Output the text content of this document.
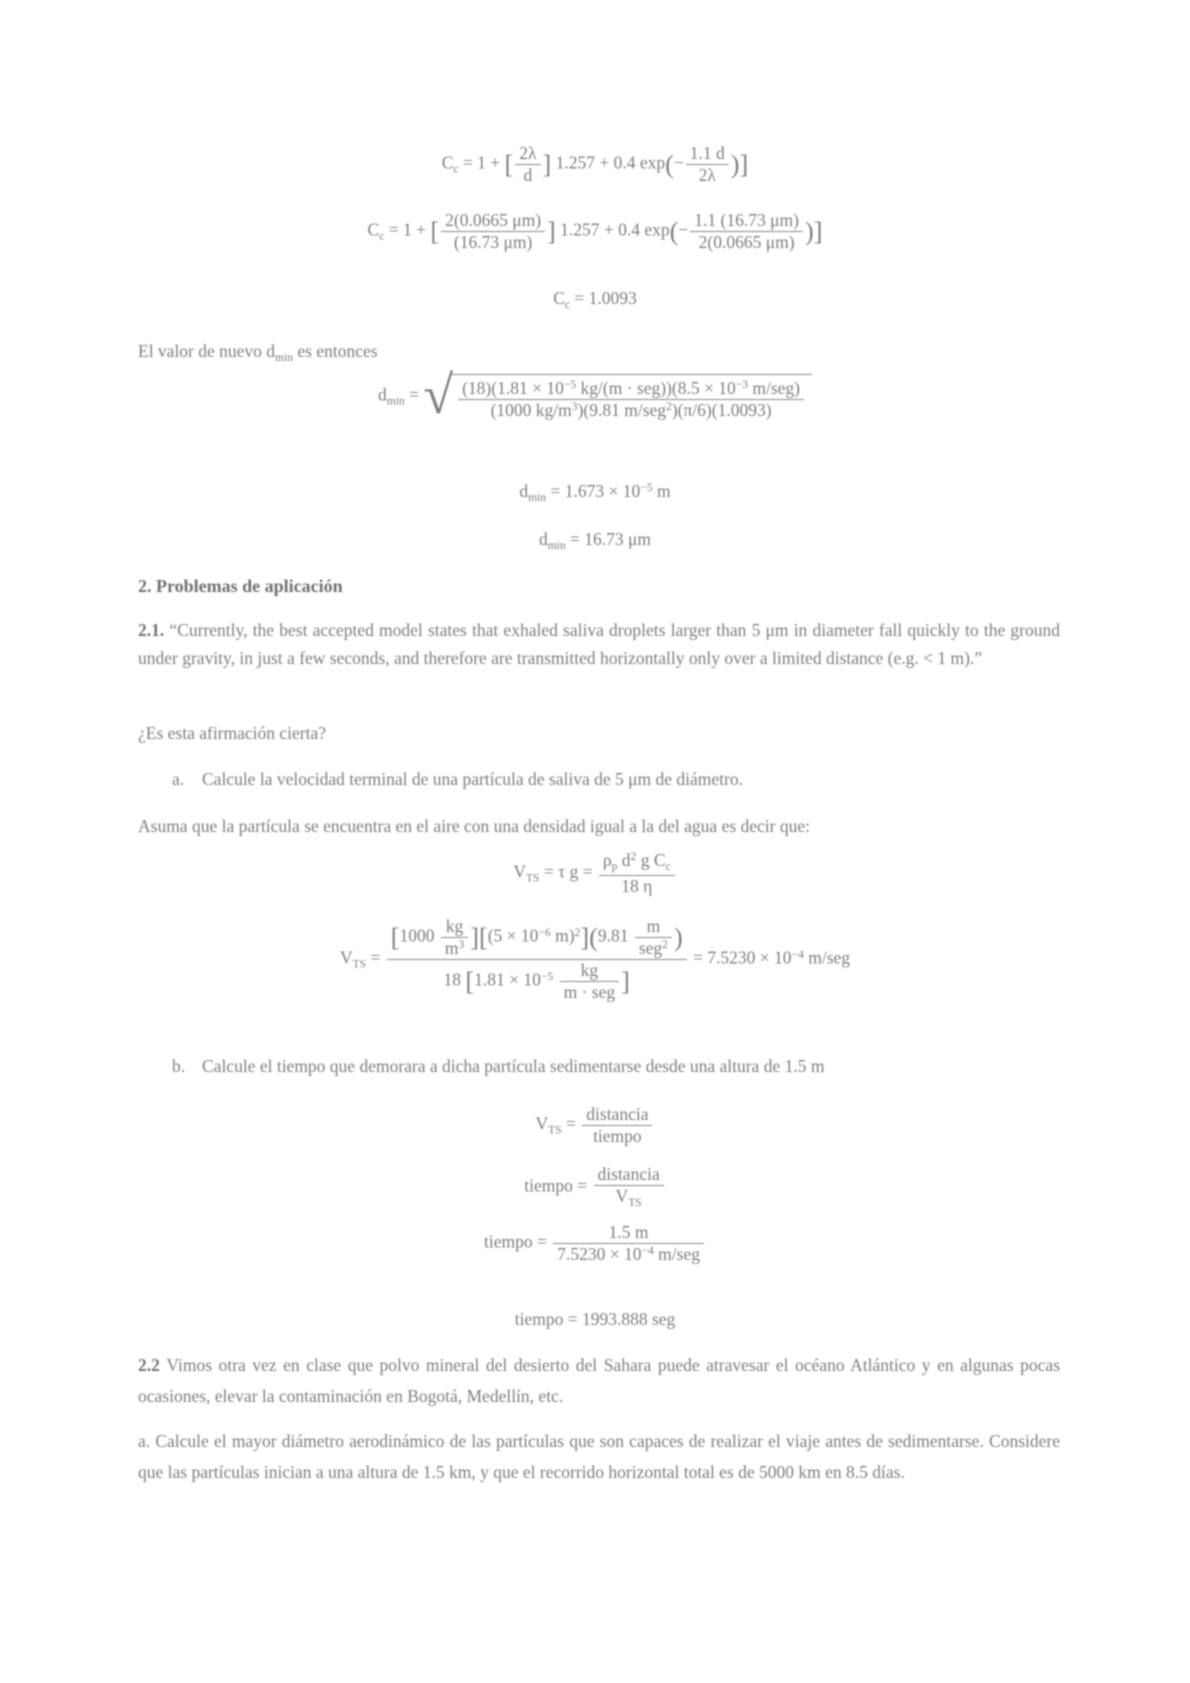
$C_c = 1$ + [ $\frac{2\lambda}{d}$ ] 1.257 + 0.4 $\exp(- \frac{1.1 d}{2\lambda}$ )]
$C_c = 1$ + [ $\frac{2(0.0665 \mu m)}{(16.73 \mu m)}$ ] 1.257 + 0.4 $\exp(- \frac{1.1 (16.73 \mu m)}{2(0.0665 \mu m)}$ )]
$C_c = 1.0093$
El valor de nuevo $d_{min}$ es entonces
$d_{min}$ = √ $(18)(1.81 \times 10^{-5}$ $kg/(m \cdot seg))(8.5 \times 10^{-3}$ m/seg)
(1000 $kg/m^3)(9.81$ m/seg$^2$)(π/6)(1.0093)
$d_{min} = 1.673 \times 10^{-5}$ m
$d_{min} = 16.73$ μm
2. Problemas de aplicación
2.1. “Currently, the best accepted model states that exhaled saliva droplets larger than 5 μm in diameter fall quickly to the ground under gravity, in just a few seconds, and therefore are transmitted horizontally only over a limited distance (e.g. < 1 m).”
¿Es esta afirmación cierta?
a. Calcule la velocidad terminal de una partícula de saliva de 5 μm de diámetro.
Asuma que la partícula se encuentra en el aire con una densidad igual a la del agua es decir que:
$V_{TS} = \tau$ $g = \frac{\rho_p d^2 g C_c}{18 \eta}$
$V_{TS}$ =
$[1000 \frac{kg}{m^3} ][(5 \times 10^{-6}$ m)$^2$](9.81 m
seg$^2$ )
18 [$1.81 \times 10^{-5}$	kg
m · seg ]
= $7.5230 \times 10^{-4}$ m/seg
b. Calcule el tiempo que demorara a dicha partícula sedimentarse desde una altura de 1.5 m
$V_{TS}$ = distancia
tiempo
tiempo =
distancia
$V_{TS}$
tiempo =	1.5 m
$7.5230 \times 10^{-4}$ m/seg
tiempo = 1993.888 seg
2.2 Vimos otra vez en clase que polvo mineral del desierto del Sahara puede atravesar el océano Atlántico y en algunas pocas ocasiones, elevar la contaminación en Bogotá, Medellín, etc.
a. Calcule el mayor diámetro aerodinámico de las partículas que son capaces de realizar el viaje antes de sedimentarse. Considere que las partículas inician a una altura de 1.5 km, y que el recorrido horizontal total es de 5000 km en 8.5 días.
